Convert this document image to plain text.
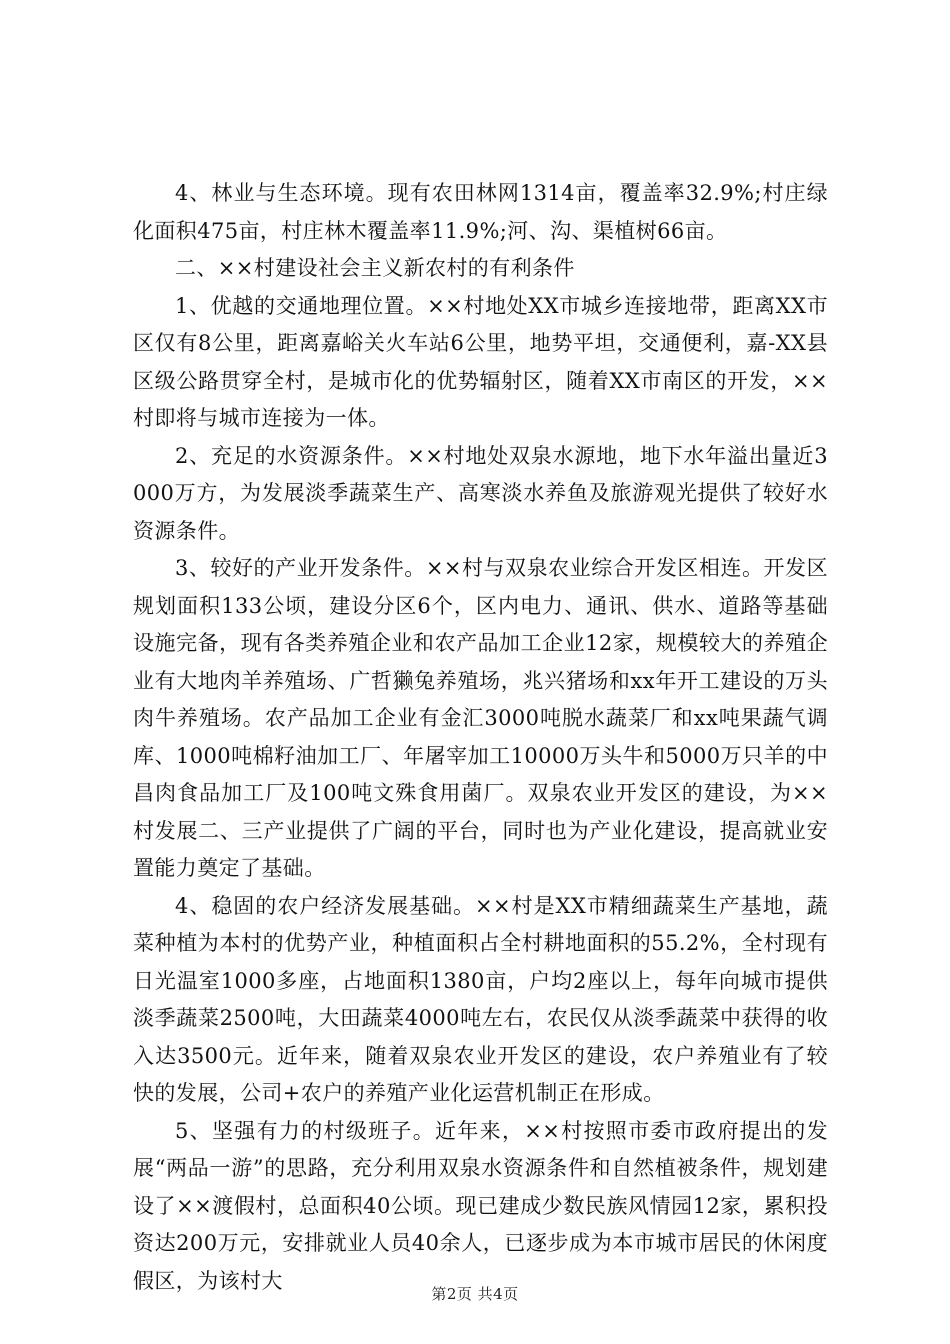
4、林业与生态环境。现有农田林网1314亩，覆盖率32.9%;村庄绿化面积475亩，村庄林木覆盖率11.9%;河、沟、渠植树66亩。

二、××村建设社会主义新农村的有利条件

1、优越的交通地理位置。××村地处XX市城乡连接地带，距离XX市区仅有8公里，距离嘉峪关火车站6公里，地势平坦，交通便利，嘉-XX县区级公路贯穿全村，是城市化的优势辐射区，随着XX市南区的开发，××村即将与城市连接为一体。

2、充足的水资源条件。××村地处双泉水源地，地下水年溢出量近3000万方，为发展淡季蔬菜生产、高寒淡水养鱼及旅游观光提供了较好水资源条件。

3、较好的产业开发条件。××村与双泉农业综合开发区相连。开发区规划面积133公顷，建设分区6个，区内电力、通讯、供水、道路等基础设施完备，现有各类养殖企业和农产品加工企业12家，规模较大的养殖企业有大地肉羊养殖场、广哲獭兔养殖场，兆兴猪场和xx年开工建设的万头肉牛养殖场。农产品加工企业有金汇3000吨脱水蔬菜厂和xx吨果蔬气调库、1000吨棉籽油加工厂、年屠宰加工10000万头牛和5000万只羊的中昌肉食品加工厂及100吨文殊食用菌厂。双泉农业开发区的建设，为××村发展二、三产业提供了广阔的平台，同时也为产业化建设，提高就业安置能力奠定了基础。

4、稳固的农户经济发展基础。××村是XX市精细蔬菜生产基地，蔬菜种植为本村的优势产业，种植面积占全村耕地面积的55.2%，全村现有日光温室1000多座，占地面积1380亩，户均2座以上，每年向城市提供淡季蔬菜2500吨，大田蔬菜4000吨左右，农民仅从淡季蔬菜中获得的收入达3500元。近年来，随着双泉农业开发区的建设，农户养殖业有了较快的发展，公司+农户的养殖产业化运营机制正在形成。

5、坚强有力的村级班子。近年来，××村按照市委市政府提出的发展“两品一游”的思路，充分利用双泉水资源条件和自然植被条件，规划建设了××渡假村，总面积40公顷。现已建成少数民族风情园12家，累积投资达200万元，安排就业人员40余人，已逐步成为本市城市居民的休闲度假区，为该村大

第2页 共4页
